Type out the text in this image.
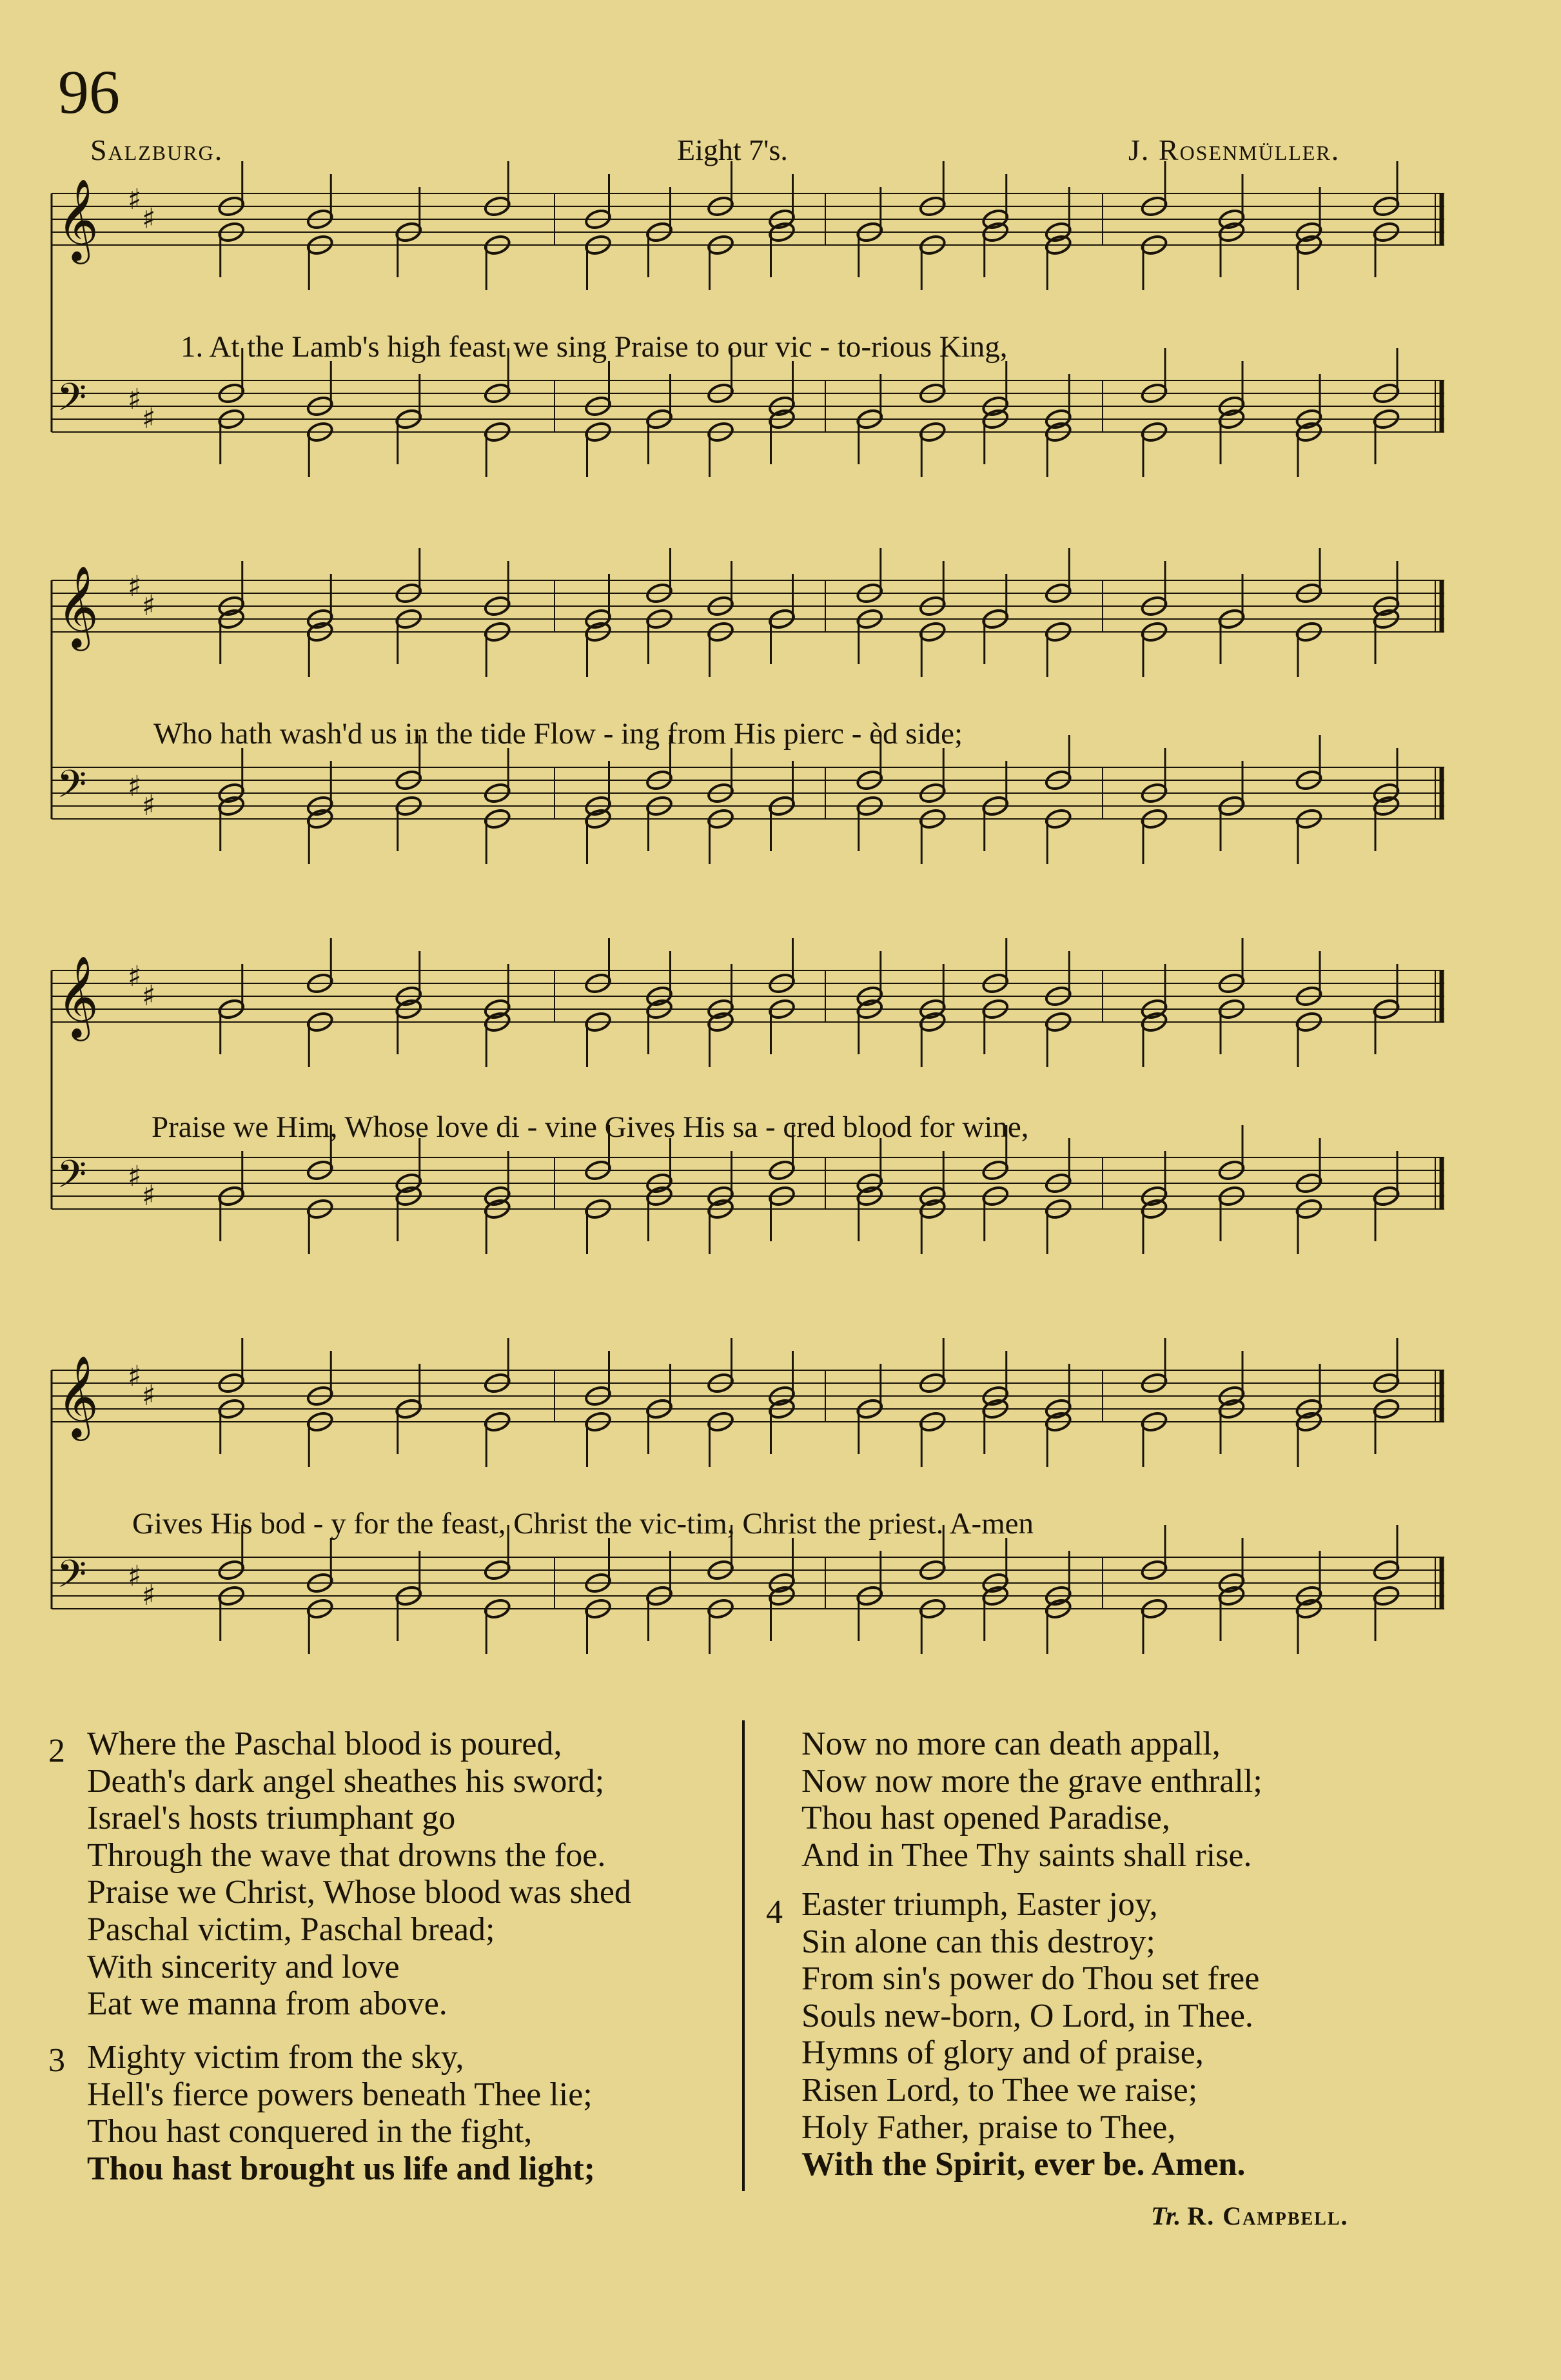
96
Salzburg.	Eight 7's.	J. Rosenmüller.
𝄞 ♯
♯
𝄢 ♯
♯
1. At the Lamb's high feast we sing Praise to our vic - to-rious King,
𝄞 ♯
♯
𝄢 ♯
♯
Who hath wash'd us in the tide Flow - ing from His pierc - èd side;
𝄞 ♯
♯
𝄢 ♯
♯
Praise we Him, Whose love di - vine Gives His sa - cred blood for wine,
𝄞 ♯
♯
𝄢 ♯
♯
Gives His bod - y for the feast, Christ the vic-tim, Christ the priest. A-men
2 Where the Paschal blood is poured,
Death's dark angel sheathes his sword;
Israel's hosts triumphant go
Through the wave that drowns the foe.
Praise we Christ, Whose blood was shed
Paschal victim, Paschal bread;
With sincerity and love
Eat we manna from above.
3 Mighty victim from the sky,
Hell's fierce powers beneath Thee lie;
Thou hast conquered in the fight,
Thou hast brought us life and light;
Now no more can death appall,
Now now more the grave enthrall;
Thou hast opened Paradise,
And in Thee Thy saints shall rise.
4 Easter triumph, Easter joy,
Sin alone can this destroy;
From sin's power do Thou set free
Souls new-born, O Lord, in Thee.
Hymns of glory and of praise,
Risen Lord, to Thee we raise;
Holy Father, praise to Thee,
With the Spirit, ever be. Amen.
Tr. R. Campbell.
